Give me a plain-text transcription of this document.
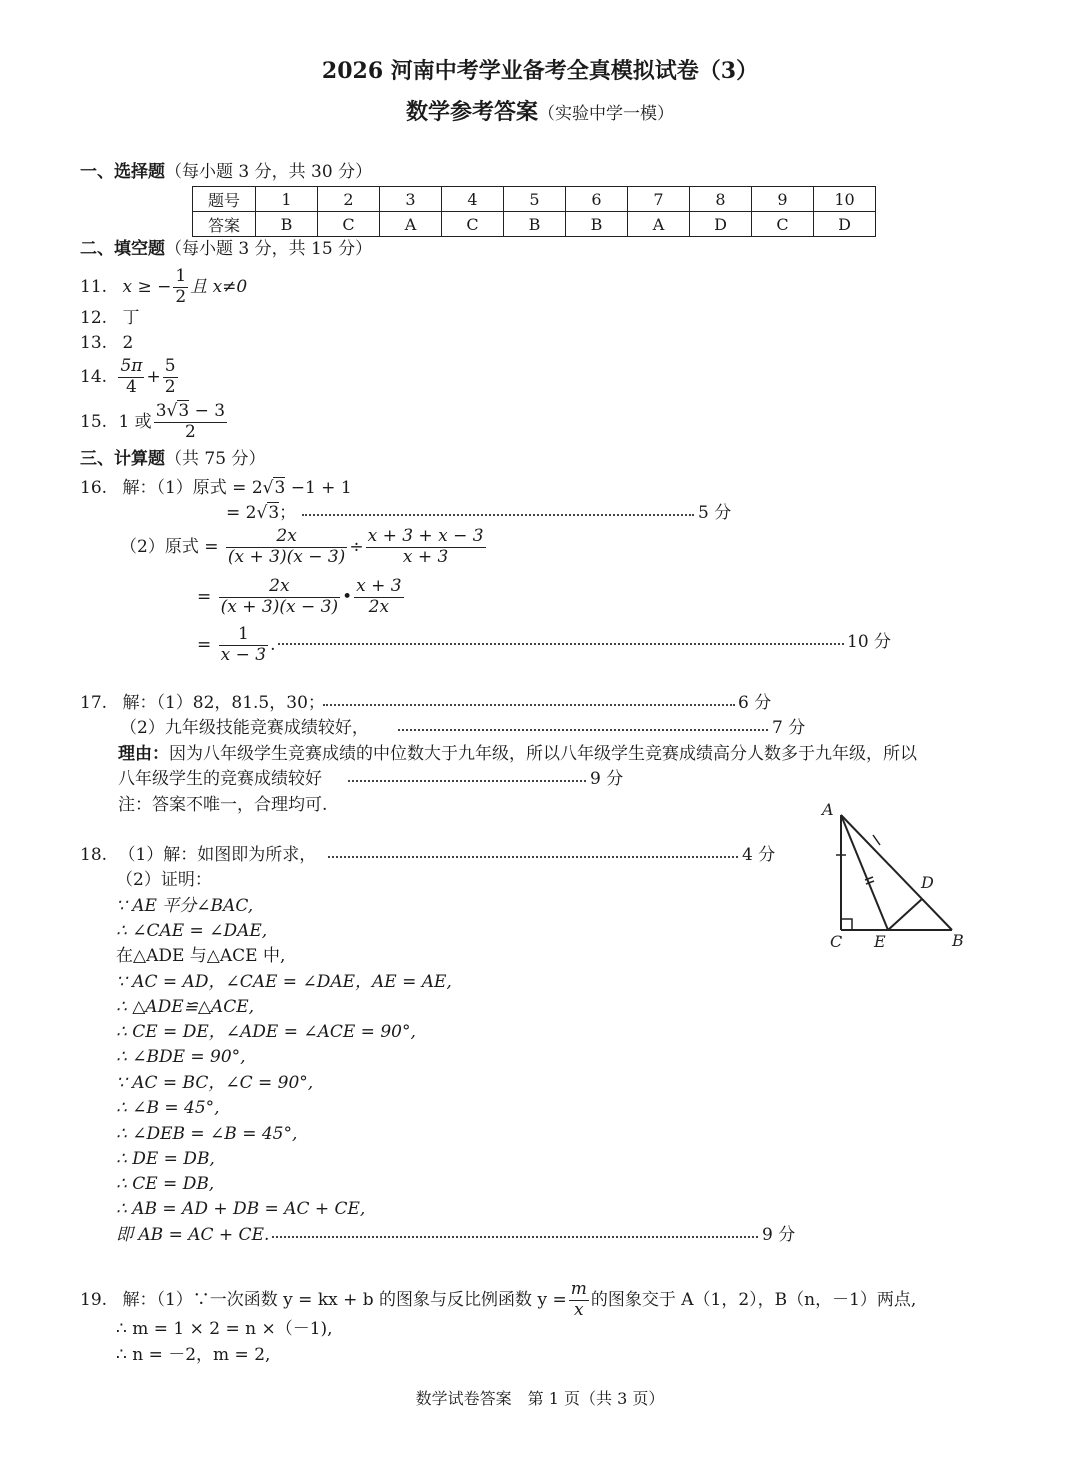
2026 河南中考学业备考全真模拟试卷（3）
数学参考答案（实验中学一模）
一、选择题（每小题 3 分，共 30 分）
题号	1	2	3	4	5	6	7	8	9	10
答案	B	C	A	C	B	B	A	D	C	D
二、填空题（每小题 3 分，共 15 分）
11. x ≥ − $\frac{1}{2}$ 且 x≠0
12. 丁
13. 2
14. $\frac{5\pi}{4} + \frac{5}{2}$
15. 1 或 $\frac{3√3 - 3}{2}$
三、计算题（共 75 分）
16. 解：（1）原式 = 2√3 −1 + 1
= 2√3；	5 分
（2）原式 = $\frac{2x}{(x + 3)(x - 3)} \div \frac{x + 3 + x - 3}{x + 3}$
= $\frac{2x}{(x + 3)(x - 3)}$ • $\frac{x + 3}{2x}$
= $\frac{1}{x - 3}$ .	10 分
17. 解：（1）82，81.5，30；	6 分
（2）九年级技能竞赛成绩较好，	7 分
理由：因为八年级学生竞赛成绩的中位数大于九年级，所以八年级学生竞赛成绩高分人数多于九年级，所以
八年级学生的竞赛成绩较好	9 分
注：答案不唯一，合理均可.
18. （1）解：如图即为所求，	4 分
（2）证明：
∵ AE 平分∠BAC,
∴ ∠CAE = ∠DAE,
在△ADE 与△ACE 中,
∵ AC = AD，∠CAE = ∠DAE，AE = AE,
∴ △ADE≌△ACE,
∴ CE = DE，∠ADE = ∠ACE = 90°,
∴ ∠BDE = 90°,
∵ AC = BC，∠C = 90°,
∴ ∠B = 45°,
∴ ∠DEB = ∠B = 45°,
∴ DE = DB,
∴ CE = DB,
∴ AB = AD + DB = AC + CE,
即 AB = AC + CE.	9 分
A
C E	B
D
19. 解：（1）∵一次函数 y = kx + b 的图象与反比例函数 $y = \frac{m}{x}$ 的图象交于 A（1，2），B（n，－1）两点,
∴ m = 1 × 2 = n ×（－1),
∴ n = －2，m = 2,
数学试卷答案　第 1 页（共 3 页）
